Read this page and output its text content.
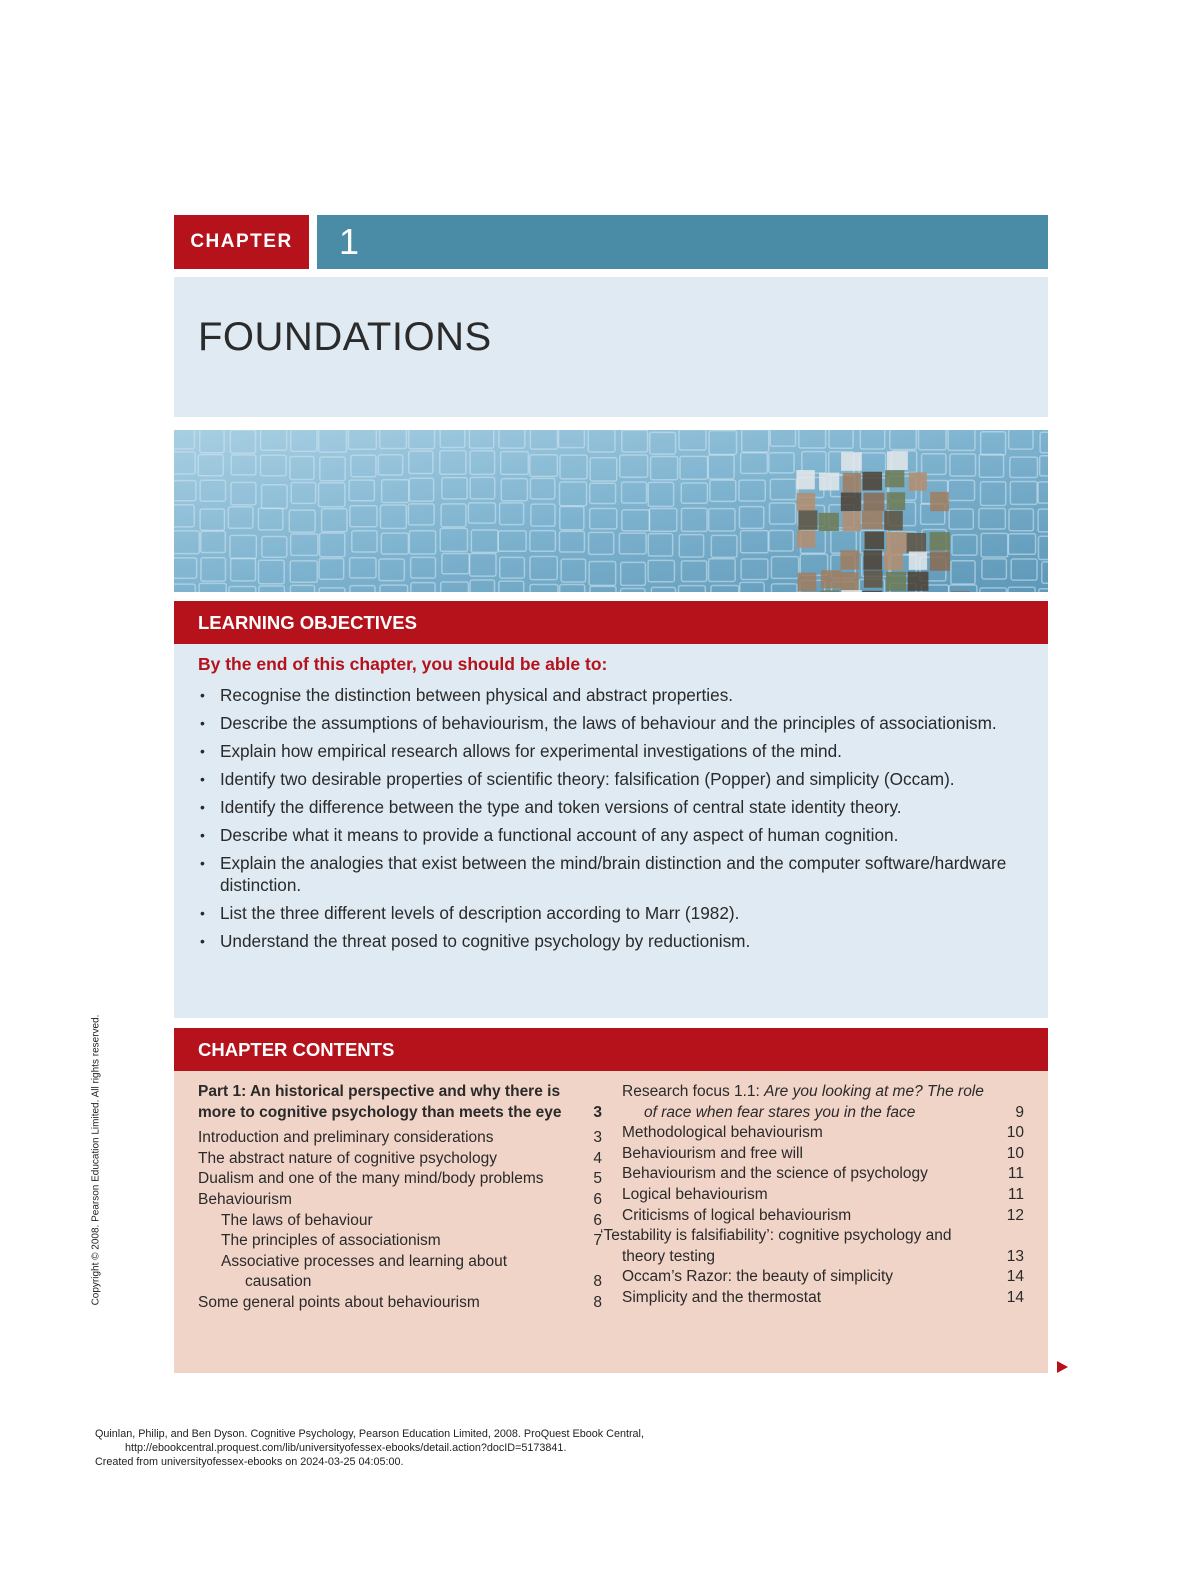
CHAPTER 1
FOUNDATIONS
LEARNING OBJECTIVES
By the end of this chapter, you should be able to:
• Recognise the distinction between physical and abstract properties.
• Describe the assumptions of behaviourism, the laws of behaviour and the principles of associationism.
• Explain how empirical research allows for experimental investigations of the mind.
• Identify two desirable properties of scientific theory: falsification (Popper) and simplicity (Occam).
• Identify the difference between the type and token versions of central state identity theory.
• Describe what it means to provide a functional account of any aspect of human cognition.
• Explain the analogies that exist between the mind/brain distinction and the computer software/hardware distinction.
• List the three different levels of description according to Marr (1982).
• Understand the threat posed to cognitive psychology by reductionism.
CHAPTER CONTENTS
Part 1: An historical perspective and why there is more to cognitive psychology than meets the eye	3
Introduction and preliminary considerations	3
The abstract nature of cognitive psychology	4
Dualism and one of the many mind/body problems	5
Behaviourism	6
The laws of behaviour	6
The principles of associationism	7
Associative processes and learning about causation	8
Some general points about behaviourism	8
Research focus 1.1: Are you looking at me? The role of race when fear stares you in the face	9
Methodological behaviourism	10
Behaviourism and free will	10
Behaviourism and the science of psychology	11
Logical behaviourism	11
Criticisms of logical behaviourism	12
‘Testability is falsifiability’: cognitive psychology and theory testing	13
Occam’s Razor: the beauty of simplicity	14
Simplicity and the thermostat	14
Copyright © 2008. Pearson Education Limited. All rights reserved.
Quinlan, Philip, and Ben Dyson. Cognitive Psychology, Pearson Education Limited, 2008. ProQuest Ebook Central,
http://ebookcentral.proquest.com/lib/universityofessex-ebooks/detail.action?docID=5173841.
Created from universityofessex-ebooks on 2024-03-25 04:05:00.
